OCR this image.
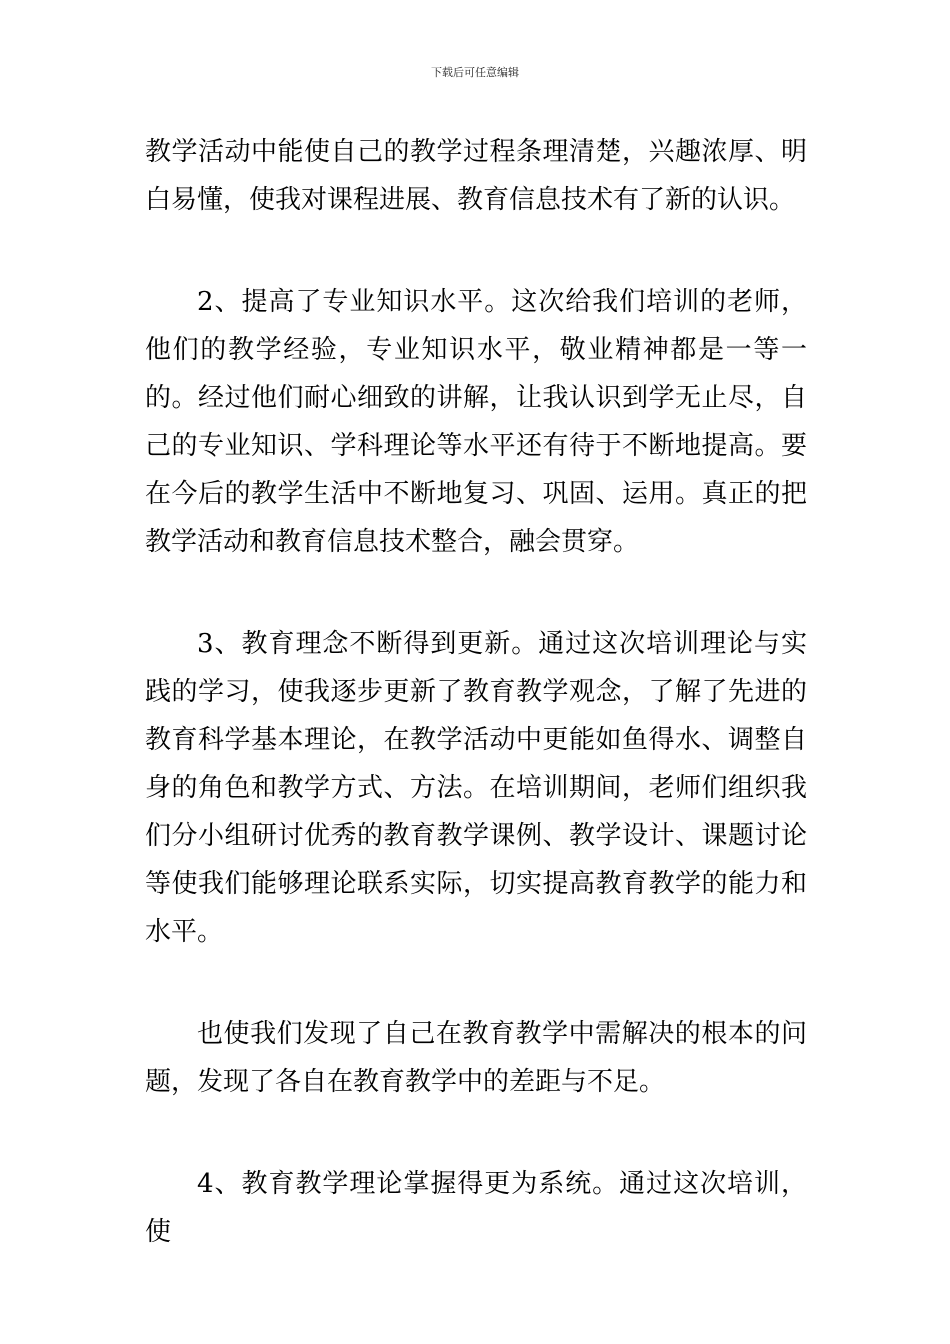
下载后可任意编辑

教学活动中能使自己的教学过程条理清楚，兴趣浓厚、明白易懂，使我对课程进展、教育信息技术有了新的认识。

2、提高了专业知识水平。这次给我们培训的老师，他们的教学经验，专业知识水平，敬业精神都是一等一的。经过他们耐心细致的讲解，让我认识到学无止尽，自己的专业知识、学科理论等水平还有待于不断地提高。要在今后的教学生活中不断地复习、巩固、运用。真正的把教学活动和教育信息技术整合，融会贯穿。

3、教育理念不断得到更新。通过这次培训理论与实践的学习，使我逐步更新了教育教学观念，了解了先进的教育科学基本理论，在教学活动中更能如鱼得水、调整自身的角色和教学方式、方法。在培训期间，老师们组织我们分小组研讨优秀的教育教学课例、教学设计、课题讨论等使我们能够理论联系实际，切实提高教育教学的能力和水平。

也使我们发现了自己在教育教学中需解决的根本的问题，发现了各自在教育教学中的差距与不足。

4、教育教学理论掌握得更为系统。通过这次培训，使
